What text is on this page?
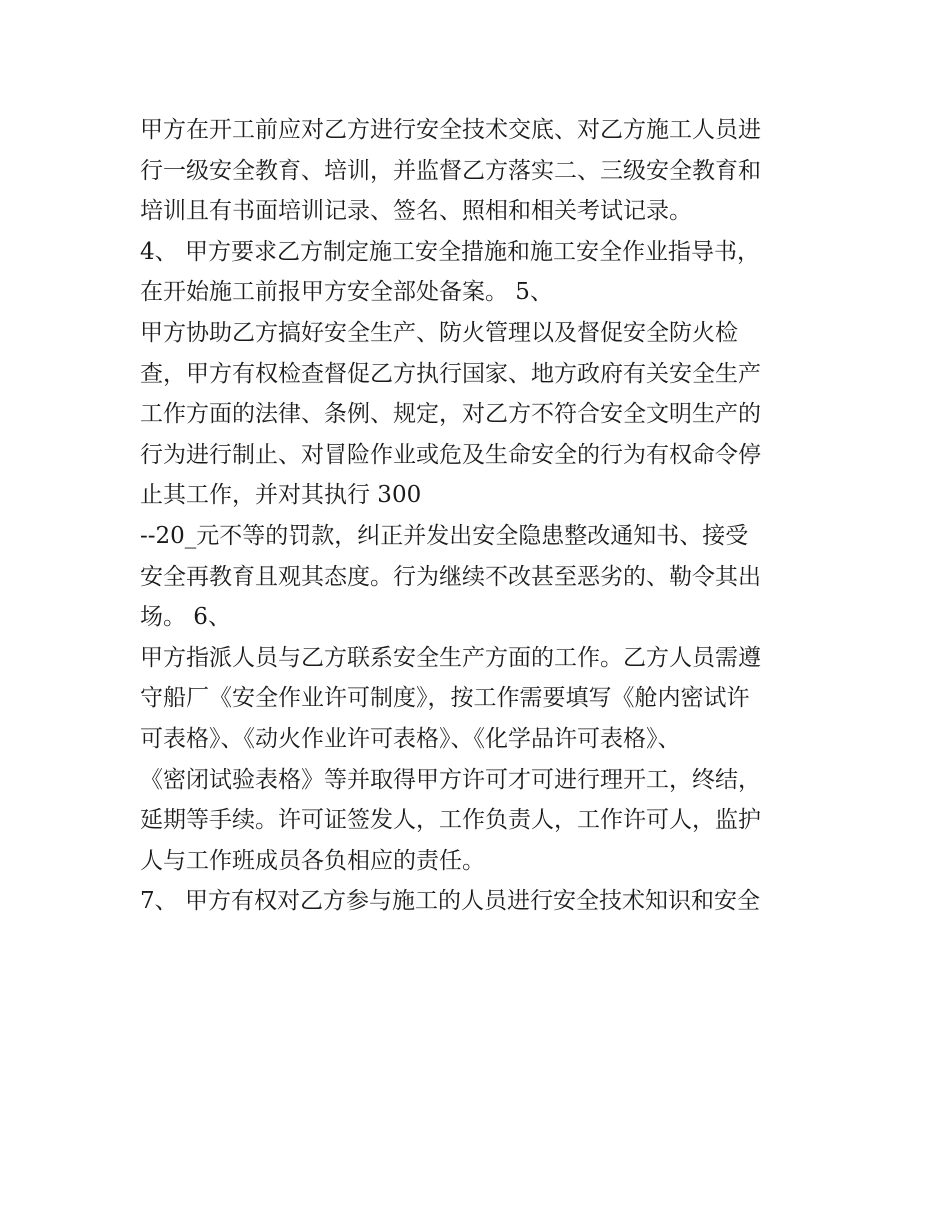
甲方在开工前应对乙方进行安全技术交底、对乙方施工人员进
行一级安全教育、培训，并监督乙方落实二、三级安全教育和
培训且有书面培训记录、签名、照相和相关考试记录。
4、 甲方要求乙方制定施工安全措施和施工安全作业指导书，
在开始施工前报甲方安全部处备案。 5、
甲方协助乙方搞好安全生产、防火管理以及督促安全防火检
查，甲方有权检查督促乙方执行国家、地方政府有关安全生产
工作方面的法律、条例、规定，对乙方不符合安全文明生产的
行为进行制止、对冒险作业或危及生命安全的行为有权命令停
止其工作，并对其执行 300
--20_元不等的罚款，纠正并发出安全隐患整改通知书、接受
安全再教育且观其态度。行为继续不改甚至恶劣的、勒令其出
场。 6、
甲方指派人员与乙方联系安全生产方面的工作。乙方人员需遵
守船厂《安全作业许可制度》，按工作需要填写《舱内密试许
可表格》、《动火作业许可表格》、《化学品许可表格》、
《密闭试验表格》等并取得甲方许可才可进行理开工，终结，
延期等手续。许可证签发人，工作负责人，工作许可人，监护
人与工作班成员各负相应的责任。
7、 甲方有权对乙方参与施工的人员进行安全技术知识和安全
